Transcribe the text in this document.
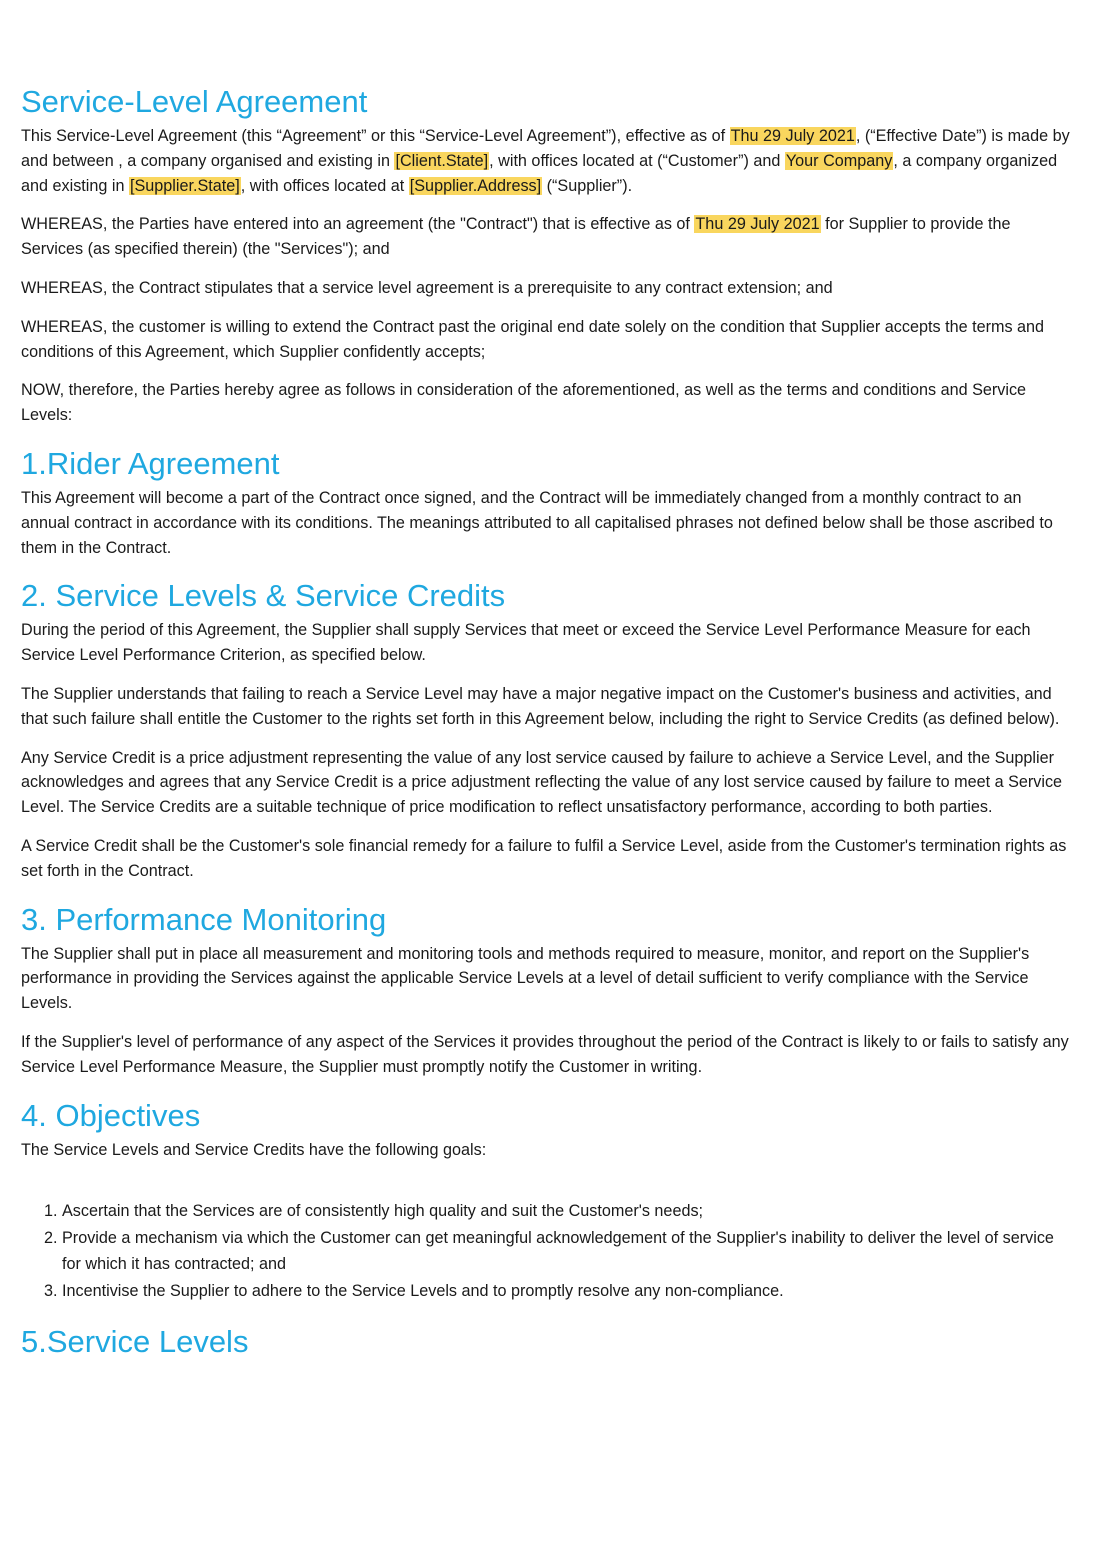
Service-Level Agreement

This Service-Level Agreement (this “Agreement” or this “Service-Level Agreement”), effective as of Thu 29 July 2021, (“Effective Date”) is made by and between , a company organised and existing in [Client.State], with offices located at (“Customer”) and Your Company, a company organized and existing in [Supplier.State], with offices located at [Supplier.Address] (“Supplier”).

WHEREAS, the Parties have entered into an agreement (the "Contract") that is effective as of Thu 29 July 2021 for Supplier to provide the Services (as specified therein) (the "Services"); and

WHEREAS, the Contract stipulates that a service level agreement is a prerequisite to any contract extension; and

WHEREAS, the customer is willing to extend the Contract past the original end date solely on the condition that Supplier accepts the terms and conditions of this Agreement, which Supplier confidently accepts;

NOW, therefore, the Parties hereby agree as follows in consideration of the aforementioned, as well as the terms and conditions and Service Levels:

1.Rider Agreement

This Agreement will become a part of the Contract once signed, and the Contract will be immediately changed from a monthly contract to an annual contract in accordance with its conditions. The meanings attributed to all capitalised phrases not defined below shall be those ascribed to them in the Contract.

2. Service Levels & Service Credits

During the period of this Agreement, the Supplier shall supply Services that meet or exceed the Service Level Performance Measure for each Service Level Performance Criterion, as specified below.

The Supplier understands that failing to reach a Service Level may have a major negative impact on the Customer's business and activities, and that such failure shall entitle the Customer to the rights set forth in this Agreement below, including the right to Service Credits (as defined below).

Any Service Credit is a price adjustment representing the value of any lost service caused by failure to achieve a Service Level, and the Supplier acknowledges and agrees that any Service Credit is a price adjustment reflecting the value of any lost service caused by failure to meet a Service Level. The Service Credits are a suitable technique of price modification to reflect unsatisfactory performance, according to both parties.

A Service Credit shall be the Customer's sole financial remedy for a failure to fulfil a Service Level, aside from the Customer's termination rights as set forth in the Contract.

3. Performance Monitoring

The Supplier shall put in place all measurement and monitoring tools and methods required to measure, monitor, and report on the Supplier's performance in providing the Services against the applicable Service Levels at a level of detail sufficient to verify compliance with the Service Levels.

If the Supplier's level of performance of any aspect of the Services it provides throughout the period of the Contract is likely to or fails to satisfy any Service Level Performance Measure, the Supplier must promptly notify the Customer in writing.

4. Objectives

The Service Levels and Service Credits have the following goals:

1. Ascertain that the Services are of consistently high quality and suit the Customer's needs;
2. Provide a mechanism via which the Customer can get meaningful acknowledgement of the Supplier's inability to deliver the level of service for which it has contracted; and
3. Incentivise the Supplier to adhere to the Service Levels and to promptly resolve any non-compliance.
5.Service Levels
